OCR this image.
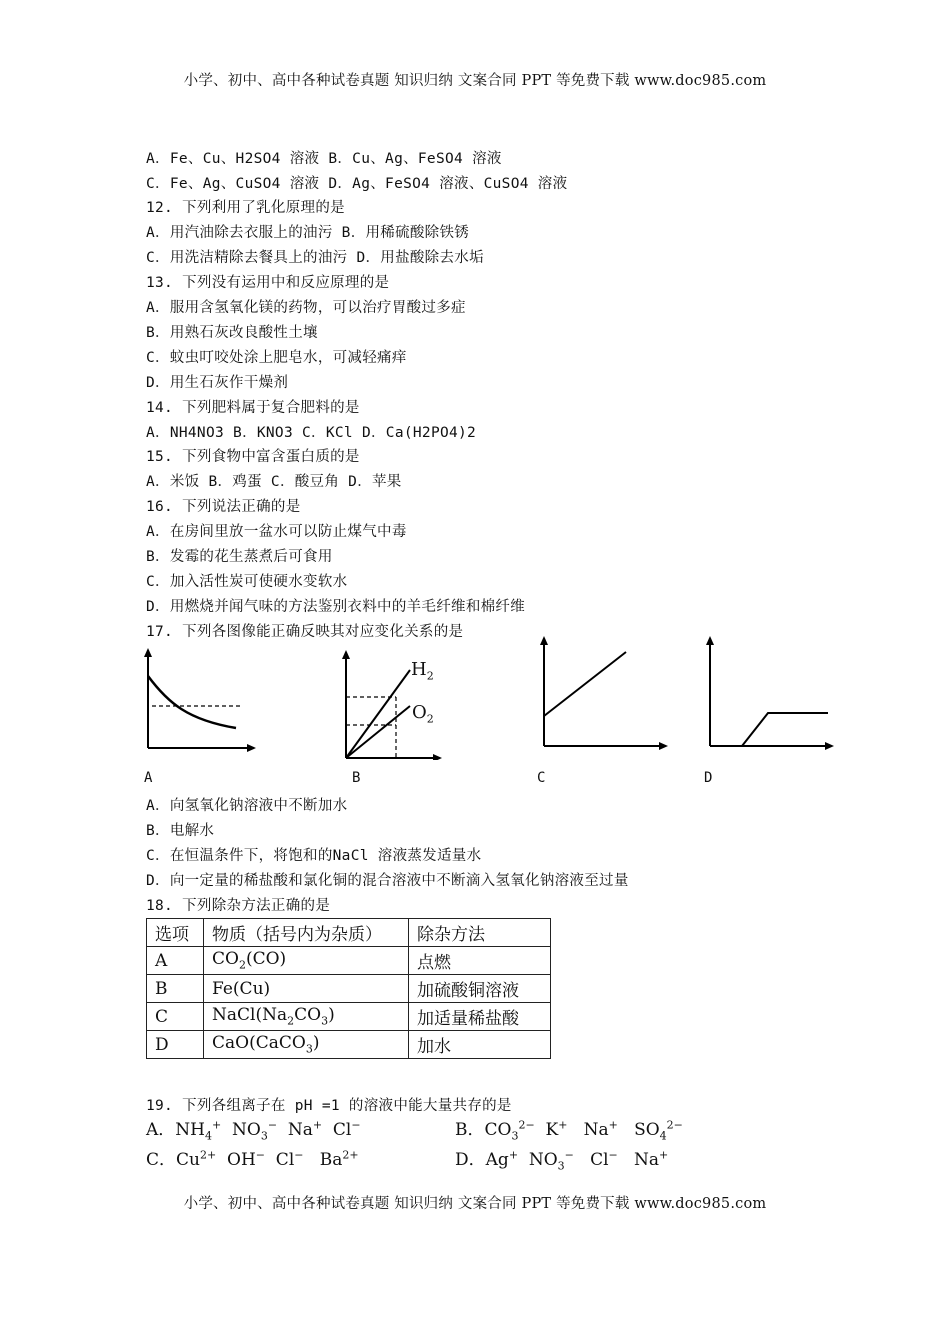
小学、初中、高中各种试卷真题 知识归纳 文案合同 PPT 等免费下载 www.doc985.com
A．Fe、Cu、H2SO4 溶液 B．Cu、Ag、FeSO4 溶液
C．Fe、Ag、CuSO4 溶液 D．Ag、FeSO4 溶液、CuSO4 溶液
12. 下列利用了乳化原理的是
A．用汽油除去衣服上的油污 B．用稀硫酸除铁锈
C．用洗洁精除去餐具上的油污 D．用盐酸除去水垢
13. 下列没有运用中和反应原理的是
A．服用含氢氧化镁的药物，可以治疗胃酸过多症
B．用熟石灰改良酸性土壤
C．蚊虫叮咬处涂上肥皂水，可减轻痛痒
D．用生石灰作干燥剂
14. 下列肥料属于复合肥料的是
A．NH4NO3 B．KNO3 C．KCl D．Ca(H2PO4)2
15. 下列食物中富含蛋白质的是
A．米饭 B．鸡蛋 C．酸豆角 D．苹果
16. 下列说法正确的是
A．在房间里放一盆水可以防止煤气中毒
B．发霉的花生蒸煮后可食用
C．加入活性炭可使硬水变软水
D．用燃烧并闻气味的方法鉴别衣料中的羊毛纤维和棉纤维
17. 下列各图像能正确反映其对应变化关系的是
A
$H_2$
$O_2$
B	C	D
A．向氢氧化钠溶液中不断加水
B．电解水
C．在恒温条件下，将饱和的NaCl 溶液蒸发适量水
D．向一定量的稀盐酸和氯化铜的混合溶液中不断滴入氢氧化钠溶液至过量
18. 下列除杂方法正确的是
选项	物质（括号内为杂质）	除杂方法
A	$CO_2(CO)$	点燃
B	Fe(Cu)	加硫酸铜溶液
C	$NaCl(Na_2CO_3)$	加适量稀盐酸
D	CaO(CaCO$_3$)	加水
19. 下列各组离子在 pH =1 的溶液中能大量共存的是
A．$NH_4^+$  $NO_3^-$  Na+  Cl−	B．$CO_3^{2-}$  K+   Na+   $SO_4^{2-}$
C．$Cu^{2+}$  OH−  Cl−   $Ba^{2+}$	D．Ag+  $NO_3^-$   Cl−   Na+
小学、初中、高中各种试卷真题 知识归纳 文案合同 PPT 等免费下载 www.doc985.com
